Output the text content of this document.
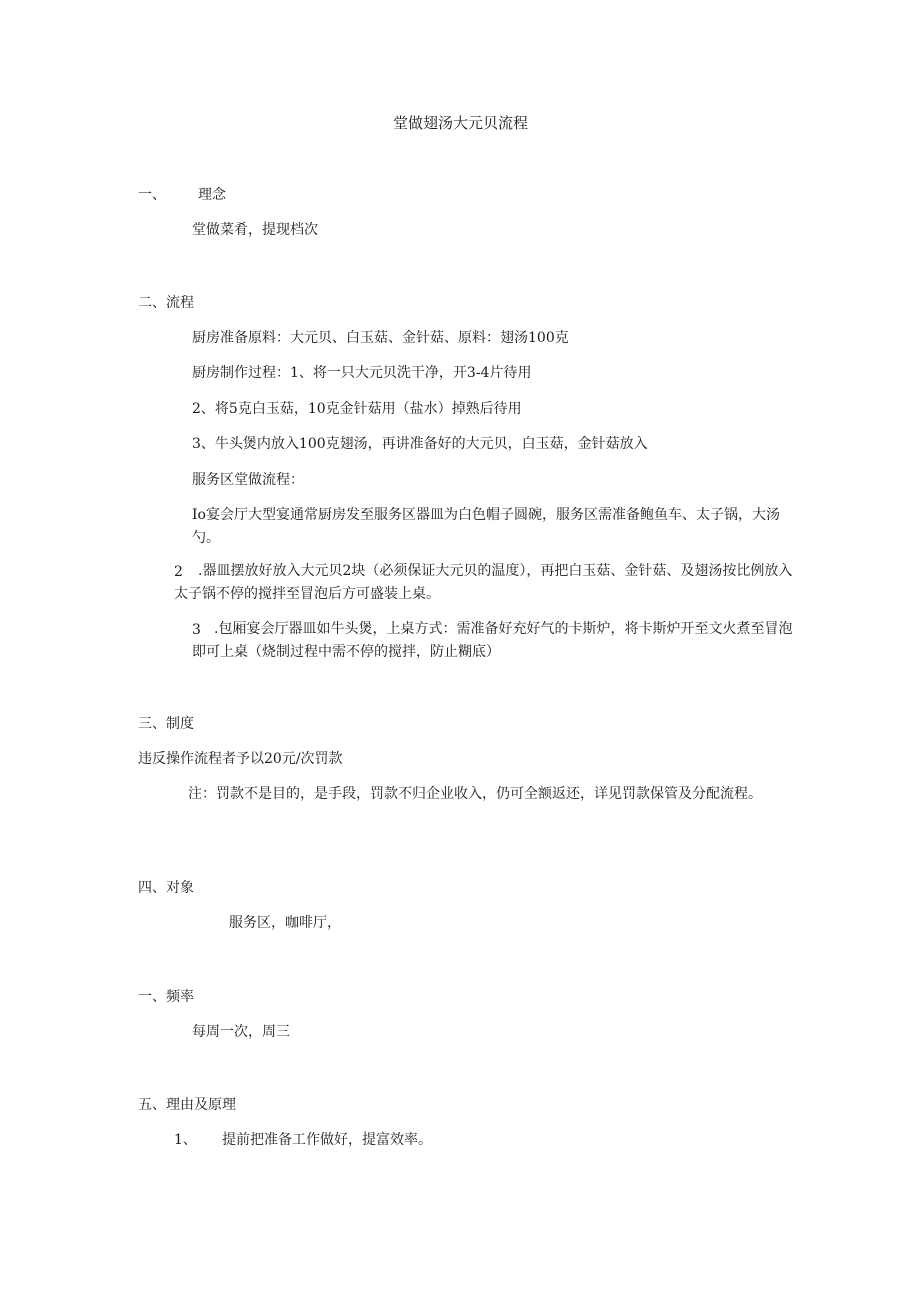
堂做翅汤大元贝流程
一、 理念
堂做菜肴，提现档次
二、流程
厨房准备原料：大元贝、白玉菇、金针菇、原料：翅汤100克
厨房制作过程：1、将一只大元贝洗干净，开3-4片待用
2、将5克白玉菇，10克金针菇用（盐水）掉熟后待用
3、牛头煲内放入100克翅汤，再讲准备好的大元贝，白玉菇，金针菇放入
服务区堂做流程：
Io宴会厅大型宴通常厨房发至服务区器皿为白色帽子圆碗，服务区需准备鲍鱼车、太子锅，大汤勺。
2	.器皿摆放好放入大元贝2块（必须保证大元贝的温度），再把白玉菇、金针菇、及翅汤按比例放入太子锅不停的搅拌至冒泡后方可盛装上桌。
3 .包厢宴会厅器皿如牛头煲，上桌方式：需准备好充好气的卡斯炉，将卡斯炉开至文火煮至冒泡即可上桌（烧制过程中需不停的搅拌，防止糊底）
三、制度
违反操作流程者予以20元/次罚款
注：罚款不是目的，是手段，罚款不归企业收入，仍可全额返还，详见罚款保管及分配流程。
四、对象
服务区，咖啡厅，
一、频率
每周一次，周三
五、理由及原理
1、 提前把准备工作做好，提富效率。
